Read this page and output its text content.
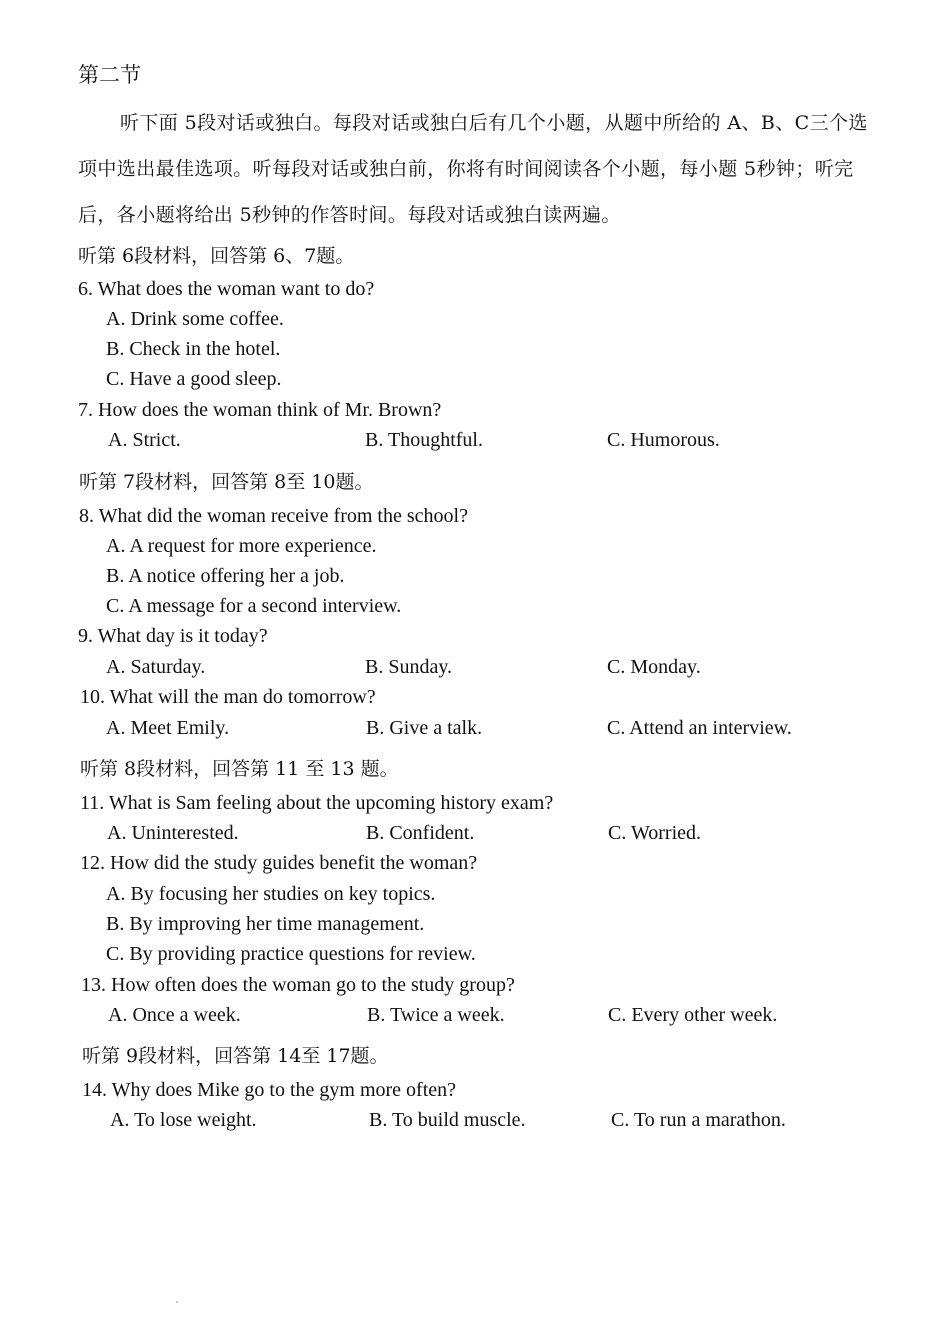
第二节
听下面 5段对话或独白。每段对话或独白后有几个小题，从题中所给的 A、B、C三个选项中选出最佳选项。听每段对话或独白前，你将有时间阅读各个小题，每小题 5秒钟；听完后，各小题将给出 5秒钟的作答时间。每段对话或独白读两遍。
听第 6段材料，回答第 6、7题。
6. What does the woman want to do?
A. Drink some coffee.
B. Check in the hotel.
C. Have a good sleep.
7. How does the woman think of Mr. Brown?
A. Strict.	B. Thoughtful.	C. Humorous.
听第 7段材料，回答第 8至 10题。
8. What did the woman receive from the school?
A. A request for more experience.
B. A notice offering her a job.
C. A message for a second interview.
9. What day is it today?
A. Saturday.	B. Sunday.	C. Monday.
10. What will the man do tomorrow?
A. Meet Emily.	B. Give a talk.	C. Attend an interview.
听第 8段材料，回答第 11 至 13 题。
11. What is Sam feeling about the upcoming history exam?
A. Uninterested.	B. Confident.	C. Worried.
12. How did the study guides benefit the woman?
A. By focusing her studies on key topics.
B. By improving her time management.
C. By providing practice questions for review.
13. How often does the woman go to the study group?
A. Once a week.	B. Twice a week.	C. Every other week.
听第 9段材料，回答第 14至 17题。
14. Why does Mike go to the gym more often?
A. To lose weight.	B. To build muscle.	C. To run a marathon.
